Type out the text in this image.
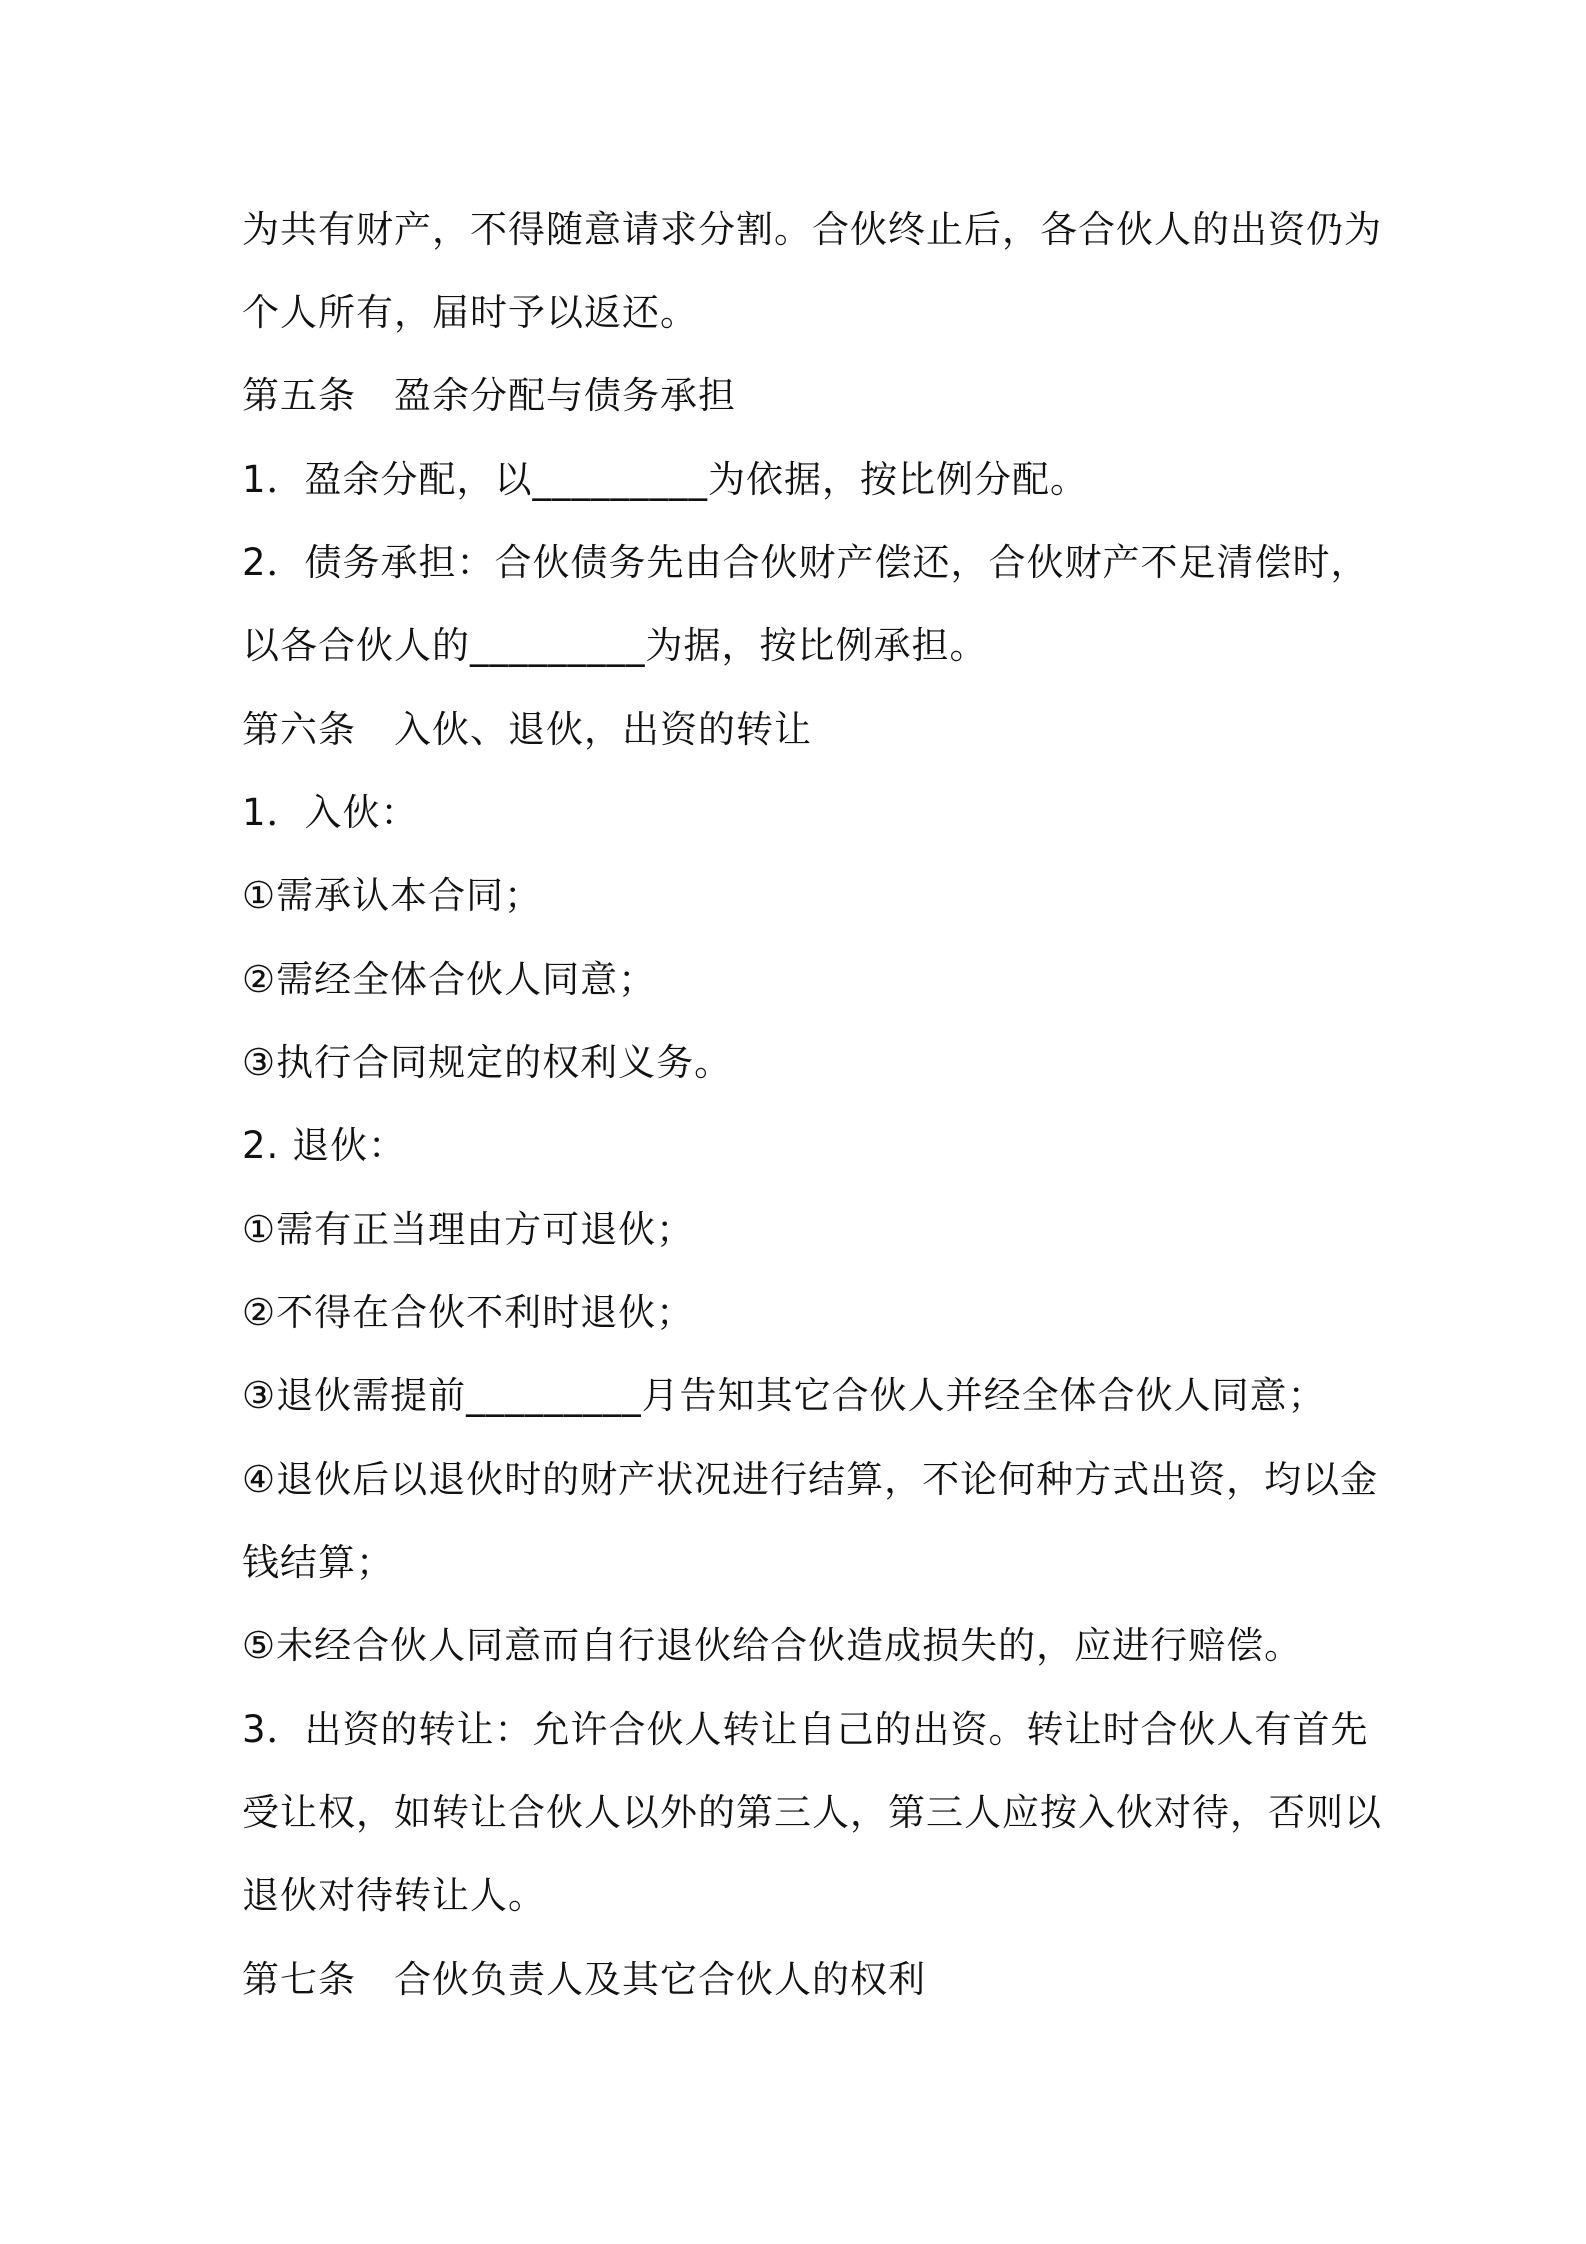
为共有财产，不得随意请求分割。合伙终止后，各合伙人的出资仍为
个人所有，届时予以返还。
第五条　盈余分配与债务承担
1．盈余分配，以_________为依据，按比例分配。
2．债务承担：合伙债务先由合伙财产偿还，合伙财产不足清偿时，
以各合伙人的_________为据，按比例承担。
第六条　入伙、退伙，出资的转让
1．入伙：
①需承认本合同；
②需经全体合伙人同意；
③执行合同规定的权利义务。
2. 退伙：
①需有正当理由方可退伙；
②不得在合伙不利时退伙；
③退伙需提前_________月告知其它合伙人并经全体合伙人同意；
④退伙后以退伙时的财产状况进行结算，不论何种方式出资，均以金
钱结算；
⑤未经合伙人同意而自行退伙给合伙造成损失的，应进行赔偿。
3．出资的转让：允许合伙人转让自己的出资。转让时合伙人有首先
受让权，如转让合伙人以外的第三人，第三人应按入伙对待，否则以
退伙对待转让人。
第七条　合伙负责人及其它合伙人的权利
